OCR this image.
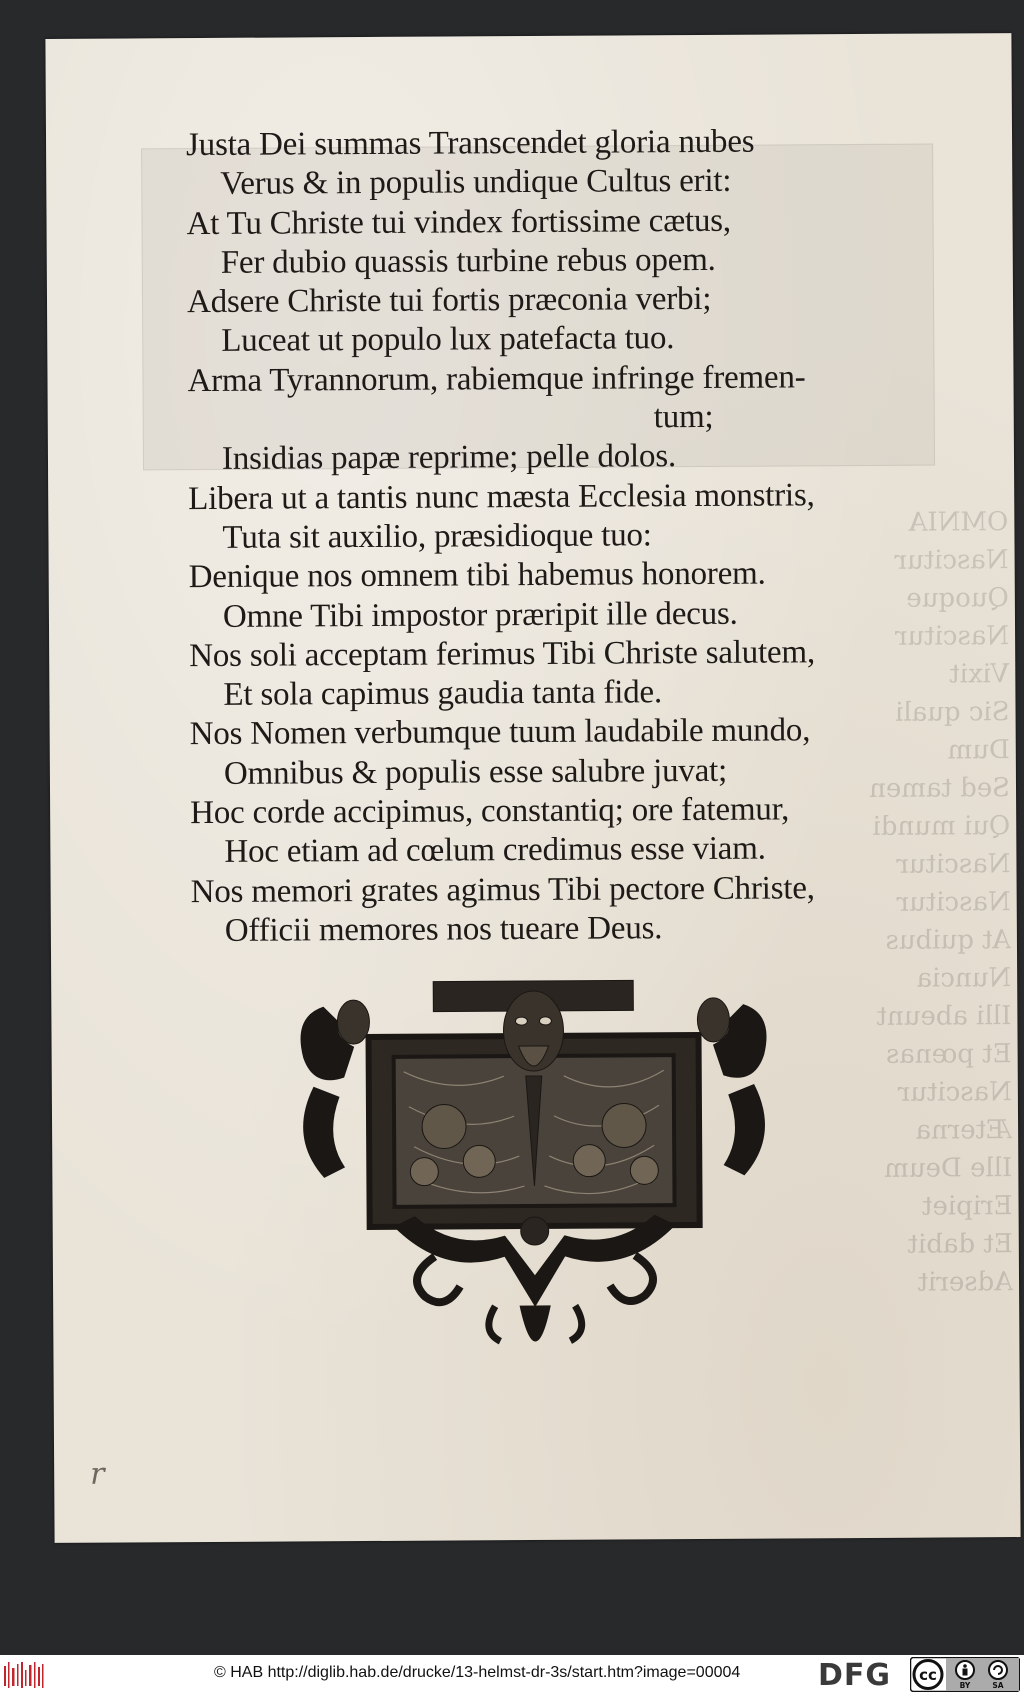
OMNIA
Nascitur
Quoque
Nascitur
Vixit
Sic quali
Dum
Sed tamen
Qui mundi
Nascitur
Nascitur
At quibus
Nuncia
Illi abeunt
Et pœnas
Nascitur
Æterna
Ille Deum
Eripiet
Et dabit
Adserit
Justa Dei summas Transcendet gloria nubes
Verus & in populis undique Cultus erit:
At Tu Christe tui vindex fortissime cætus,
Fer dubio quassis turbine rebus opem.
Adsere Christe tui fortis præconia verbi;
Luceat ut populo lux patefacta tuo.
Arma Tyrannorum, rabiemque infringe fremen-
tum;
Insidias papæ reprime; pelle dolos.
Libera ut a tantis nunc mæsta Ecclesia monstris,
Tuta sit auxilio, præsidioque tuo:
Denique nos omnem tibi habemus honorem.
Omne Tibi impostor præripit ille decus.
Nos soli acceptam ferimus Tibi Christe salutem,
Et sola capimus gaudia tanta fide.
Nos Nomen verbumque tuum laudabile mundo,
Omnibus & populis esse salubre juvat;
Hoc corde accipimus, constantiq; ore fatemur,
Hoc etiam ad cœlum credimus esse viam.
Nos memori grates agimus Tibi pectore Christe,
Officii memores nos tueare Deus.
r
© HAB http://diglib.hab.de/drucke/13-helmst-dr-3s/start.htm?image=00004	DFG cc
BY	SA
